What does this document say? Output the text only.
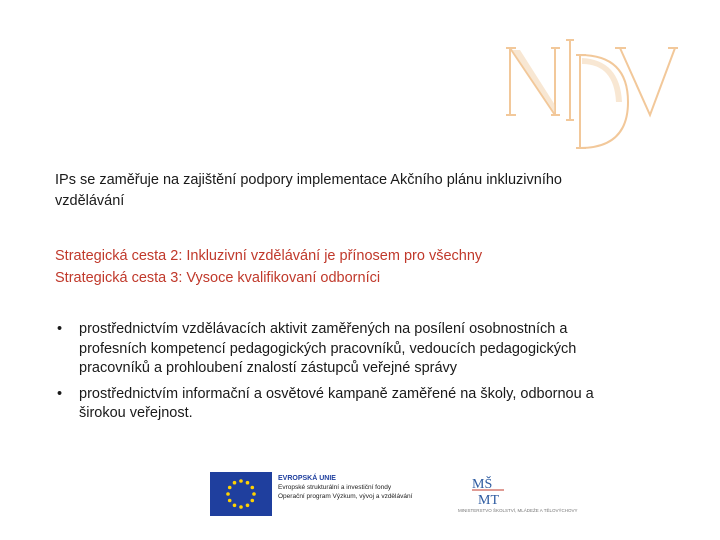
IPs se zaměřuje na zajištění podpory implementace Akčního plánu inkluzivního vzdělávání

Strategická cesta 2: Inkluzivní vzdělávání je přínosem pro všechny
Strategická cesta 3: Vysoce kvalifikovaní odborníci
• prostřednictvím vzdělávacích aktivit zaměřených na posílení osobnostních a profesních kompetencí pedagogických pracovníků, vedoucích pedagogických pracovníků a prohloubení znalostí zástupců veřejné správy
• prostřednictvím informační a osvětové kampaně zaměřené na školy, odbornou a širokou veřejnost.
EVROPSKÁ UNIE
Evropské strukturální a investiční fondy
Operační program Výzkum, vývoj a vzdělávání
MŠ
MT
MINISTERSTVO ŠKOLSTVÍ, MLÁDEŽE A TĚLOVÝCHOVY
